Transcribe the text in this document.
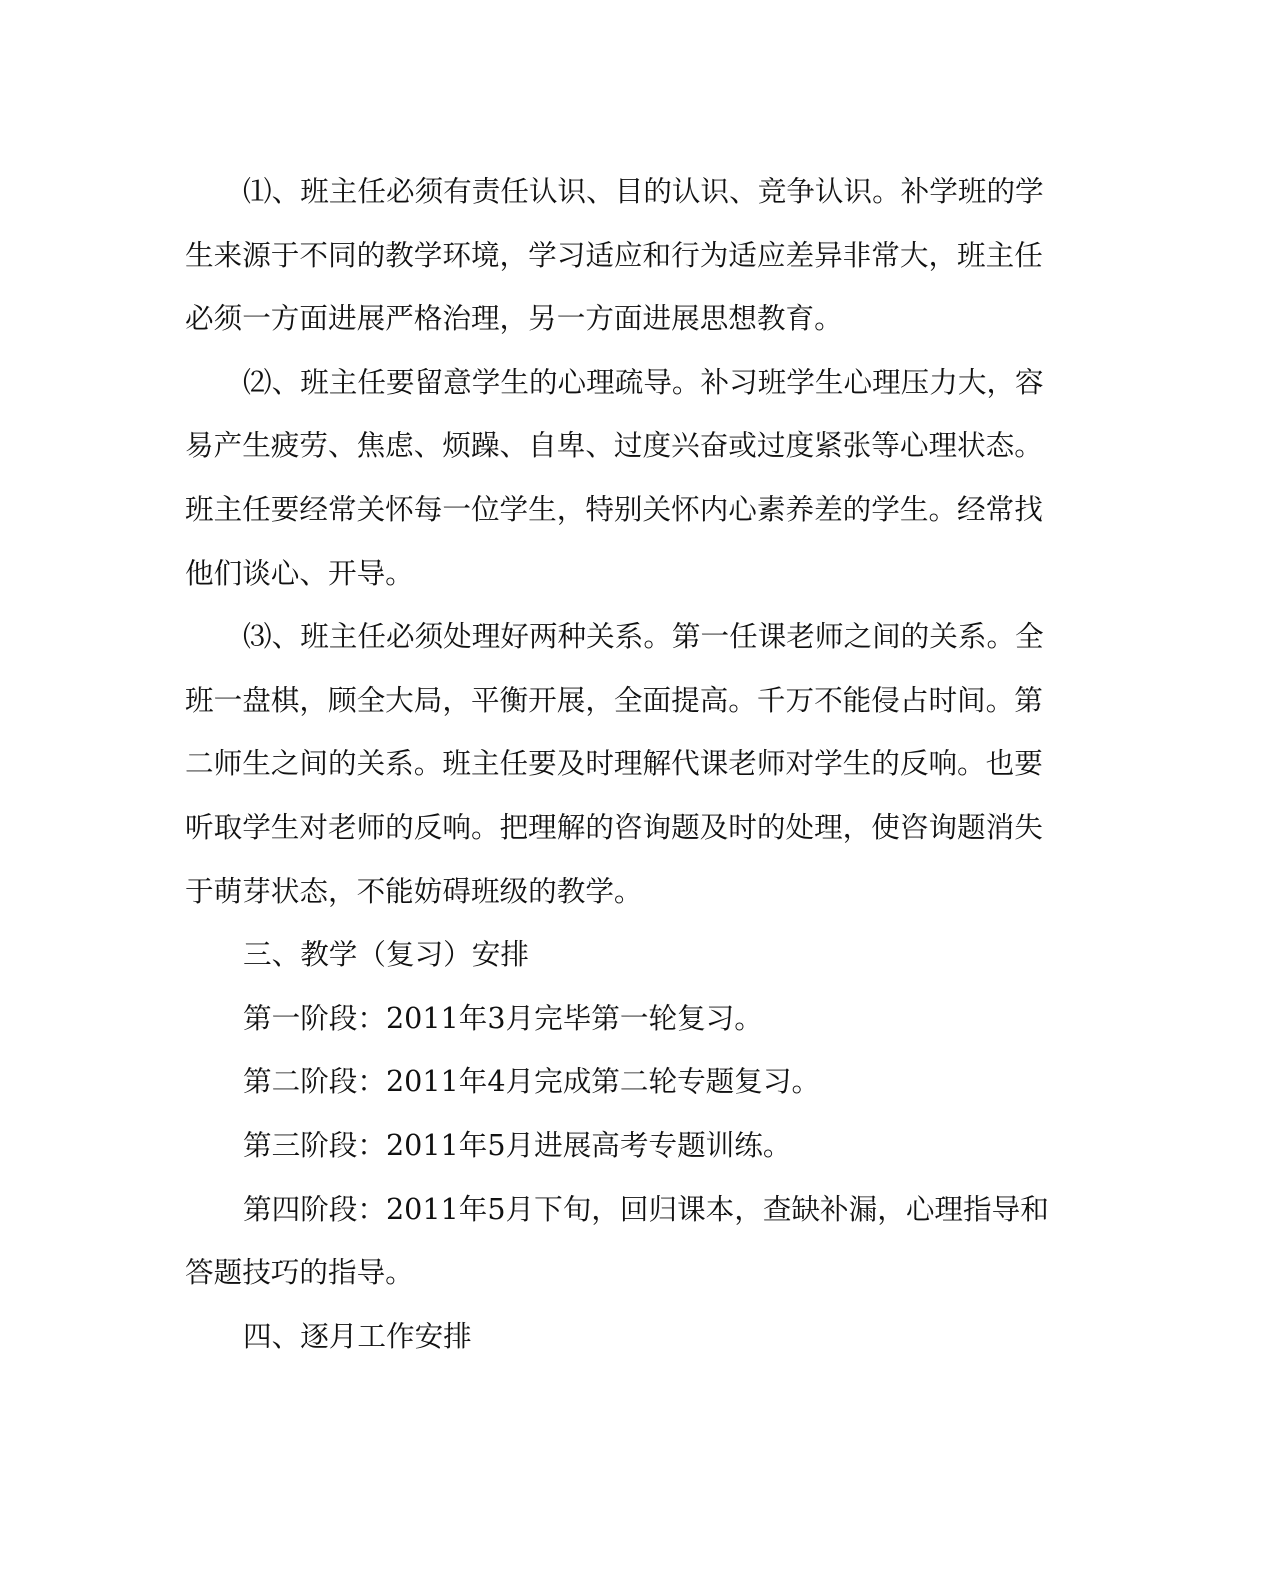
⑴、班主任必须有责任认识、目的认识、竞争认识。补学班的学生来源于不同的教学环境，学习适应和行为适应差异非常大，班主任必须一方面进展严格治理，另一方面进展思想教育。

⑵、班主任要留意学生的心理疏导。补习班学生心理压力大，容易产生疲劳、焦虑、烦躁、自卑、过度兴奋或过度紧张等心理状态。班主任要经常关怀每一位学生，特别关怀内心素养差的学生。经常找他们谈心、开导。

⑶、班主任必须处理好两种关系。第一任课老师之间的关系。全班一盘棋，顾全大局，平衡开展，全面提高。千万不能侵占时间。第二师生之间的关系。班主任要及时理解代课老师对学生的反响。也要听取学生对老师的反响。把理解的咨询题及时的处理，使咨询题消失于萌芽状态，不能妨碍班级的教学。

三、教学（复习）安排

第一阶段：2011年3月完毕第一轮复习。

第二阶段：2011年4月完成第二轮专题复习。

第三阶段：2011年5月进展高考专题训练。

第四阶段：2011年5月下旬，回归课本，查缺补漏，心理指导和答题技巧的指导。

四、逐月工作安排
